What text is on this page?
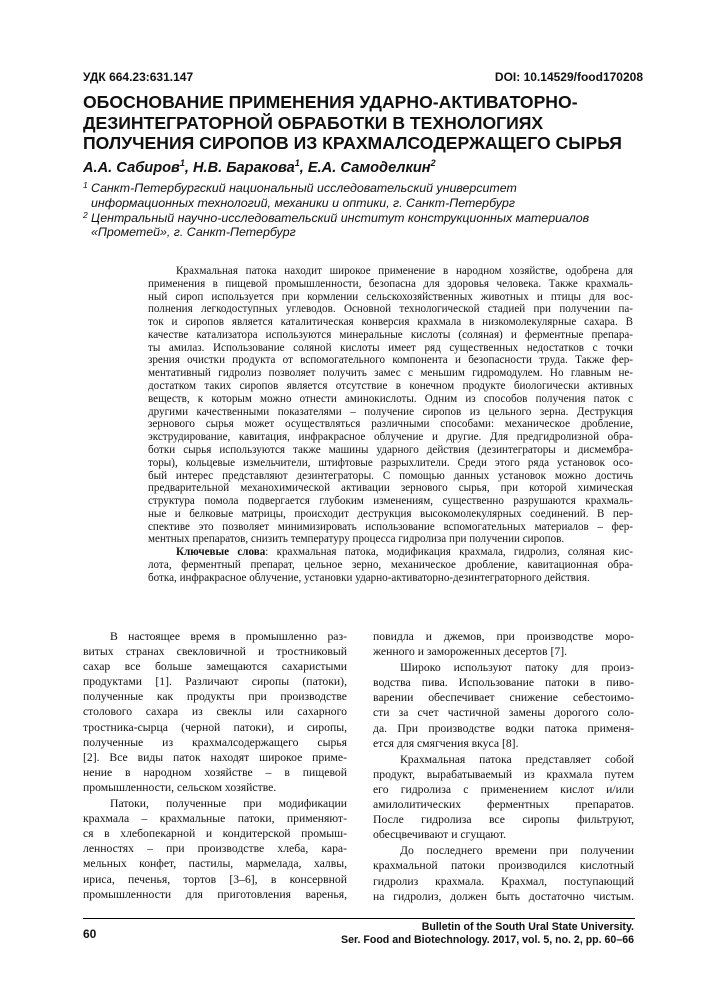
УДК 664.23:631.147	DOI: 10.14529/food170208
ОБОСНОВАНИЕ ПРИМЕНЕНИЯ УДАРНО-АКТИВАТОРНО-
ДЕЗИНТЕГРАТОРНОЙ ОБРАБОТКИ В ТЕХНОЛОГИЯХ
ПОЛУЧЕНИЯ СИРОПОВ ИЗ КРАХМАЛСОДЕРЖАЩЕГО СЫРЬЯ
А.А. Сабиров$^1$, Н.В. Баракова$^1$, Е.А. Самоделкин$^2$
1 Санкт-Петербургский национальный исследовательский университет
информационных технологий, механики и оптики, г. Санкт-Петербург
2 Центральный научно-исследовательский институт конструкционных материалов
«Прометей», г. Санкт-Петербург
Крахмальная патока находит широкое применение в народном хозяйстве, одобрена для
применения в пищевой промышленности, безопасна для здоровья человека. Также крахмаль-
ный сироп используется при кормлении сельскохозяйственных животных и птицы для вос-
полнения легкодоступных углеводов. Основной технологической стадией при получении па-
ток и сиропов является каталитическая конверсия крахмала в низкомолекулярные сахара. В
качестве катализатора используются минеральные кислоты (соляная) и ферментные препара-
ты амилаз. Использование соляной кислоты имеет ряд существенных недостатков с точки
зрения очистки продукта от вспомогательного компонента и безопасности труда. Также фер-
ментативный гидролиз позволяет получить замес с меньшим гидромодулем. Но главным не-
достатком таких сиропов является отсутствие в конечном продукте биологически активных
веществ, к которым можно отнести аминокислоты. Одним из способов получения паток с
другими качественными показателями – получение сиропов из цельного зерна. Деструкция
зернового сырья может осуществляться различными способами: механическое дробление,
экструдирование, кавитация, инфракрасное облучение и другие. Для предгидролизной обра-
ботки сырья используются также машины ударного действия (дезинтеграторы и дисмембра-
торы), кольцевые измельчители, штифтовые разрыхлители. Среди этого ряда установок осо-
бый интерес представляют дезинтеграторы. С помощью данных установок можно достичь
предварительной механохимической активации зернового сырья, при которой химическая
структура помола подвергается глубоким изменениям, существенно разрушаются крахмаль-
ные и белковые матрицы, происходит деструкция высокомолекулярных соединений. В пер-
спективе это позволяет минимизировать использование вспомогательных материалов – фер-
ментных препаратов, снизить температуру процесса гидролиза при получении сиропов.
Ключевые слова: крахмальная патока, модификация крахмала, гидролиз, соляная кис-
лота, ферментный препарат, цельное зерно, механическое дробление, кавитационная обра-
ботка, инфракрасное облучение, установки ударно-активаторно-дезинтеграторного действия.
В настоящее время в промышленно раз-
витых странах свекловичной и тростниковый
сахар все больше замещаются сахаристыми
продуктами [1]. Различают сиропы (патоки),
полученные как продукты при производстве
столового сахара из свеклы или сахарного
тростника-сырца (черной патоки), и сиропы,
полученные из крахмалсодержащего сырья
[2]. Все виды паток находят широкое приме-
нение в народном хозяйстве – в пищевой
промышленности, сельском хозяйстве.
Патоки, полученные при модификации
крахмала – крахмальные патоки, применяют-
ся в хлебопекарной и кондитерской промыш-
ленностях – при производстве хлеба, кара-
мельных конфет, пастилы, мармелада, халвы,
ириса, печенья, тортов [3–6], в консервной
промышленности для приготовления варенья,
повидла и джемов, при производстве моро-
женного и замороженных десертов [7].
Широко используют патоку для произ-
водства пива. Использование патоки в пиво-
варении обеспечивает снижение себестоимо-
сти за счет частичной замены дорогого соло-
да. При производстве водки патока применя-
ется для смягчения вкуса [8].
Крахмальная патока представляет собой
продукт, вырабатываемый из крахмала путем
его гидролиза с применением кислот и/или
амилолитических ферментных препаратов.
После гидролиза все сиропы фильтруют,
обесцвечивают и сгущают.
До последнего времени при получении
крахмальной патоки производился кислотный
гидролиз крахмала. Крахмал, поступающий
на гидролиз, должен быть достаточно чистым.
60	Bulletin of the South Ural State University.
Ser. Food and Biotechnology. 2017, vol. 5, no. 2, pp. 60–66
